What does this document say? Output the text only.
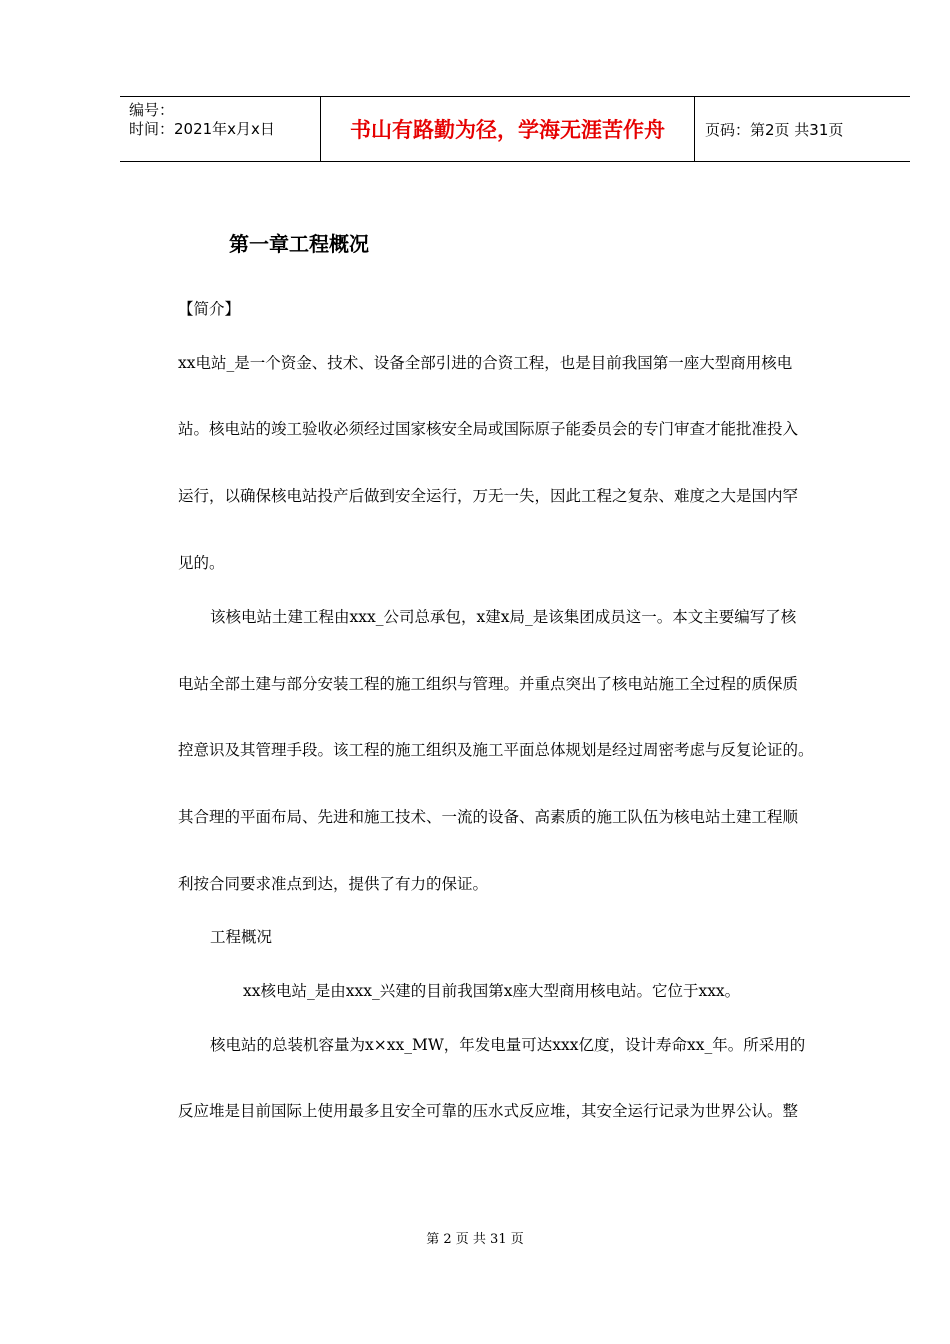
编号：
时间：2021年x月x日	书山有路勤为径，学海无涯苦作舟	页码：第2页 共31页
第一章工程概况
【简介】
xx电站_是一个资金、技术、设备全部引进的合资工程，也是目前我国第一座大型商用核电
站。核电站的竣工验收必须经过国家核安全局或国际原子能委员会的专门审查才能批准投入
运行，以确保核电站投产后做到安全运行，万无一失，因此工程之复杂、难度之大是国内罕
见的。
该核电站土建工程由xxx_公司总承包，x建x局_是该集团成员这一。本文主要编写了核
电站全部土建与部分安装工程的施工组织与管理。并重点突出了核电站施工全过程的质保质
控意识及其管理手段。该工程的施工组织及施工平面总体规划是经过周密考虑与反复论证的。
其合理的平面布局、先进和施工技术、一流的设备、高素质的施工队伍为核电站土建工程顺
利按合同要求准点到达，提供了有力的保证。
工程概况
xx核电站_是由xxx_兴建的目前我国第x座大型商用核电站。它位于xxx。
核电站的总装机容量为x×xx_MW，年发电量可达xxx亿度，设计寿命xx_年。所采用的
反应堆是目前国际上使用最多且安全可靠的压水式反应堆，其安全运行记录为世界公认。整
第 2 页 共 31 页
